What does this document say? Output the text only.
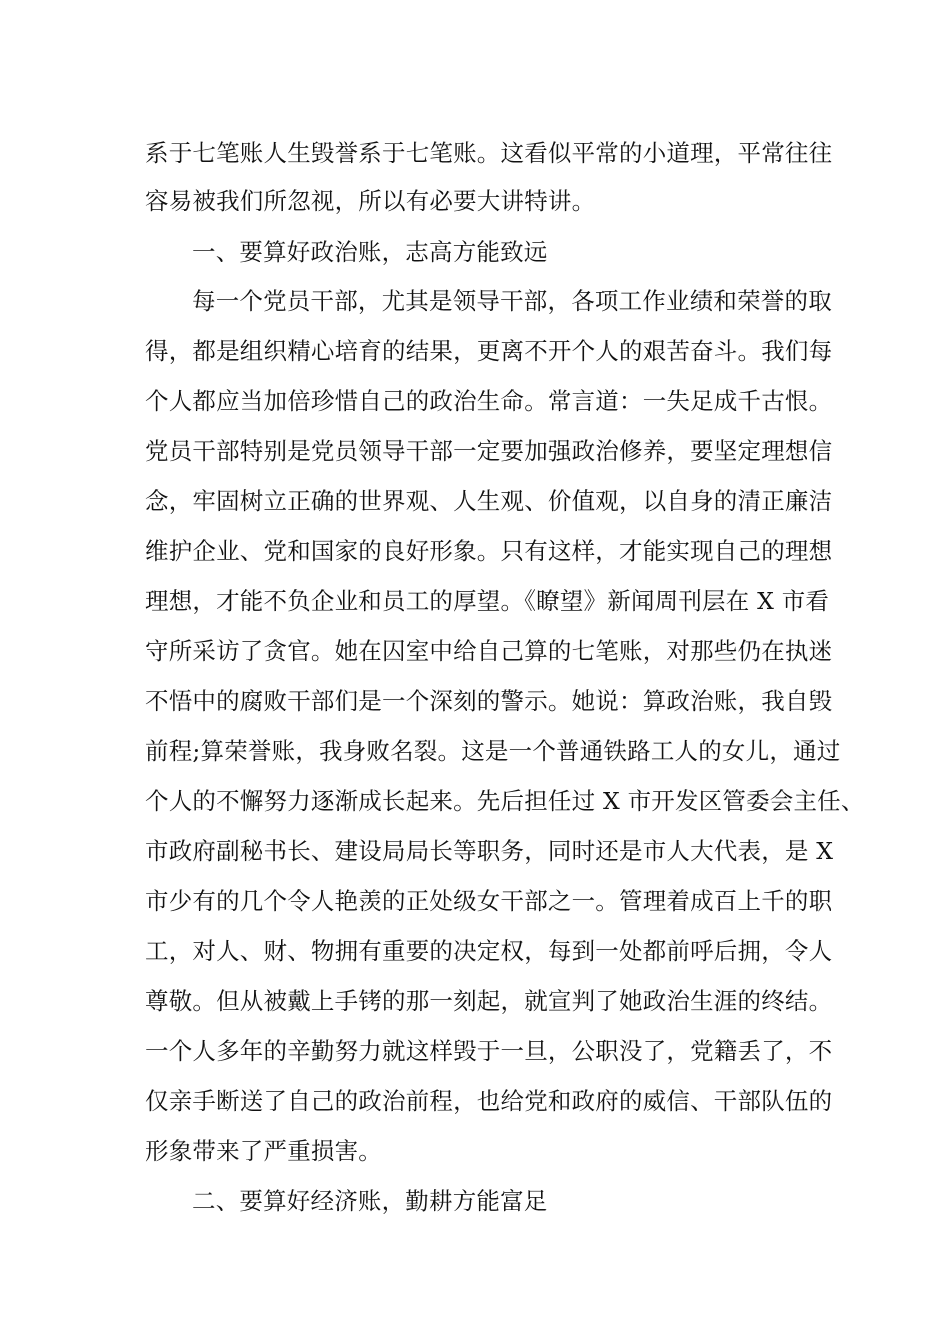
系于七笔账人生毁誉系于七笔账。这看似平常的小道理，平常往往
容易被我们所忽视，所以有必要大讲特讲。
一、要算好政治账，志高方能致远
每一个党员干部，尤其是领导干部，各项工作业绩和荣誉的取
得，都是组织精心培育的结果，更离不开个人的艰苦奋斗。我们每
个人都应当加倍珍惜自己的政治生命。常言道：一失足成千古恨。
党员干部特别是党员领导干部一定要加强政治修养，要坚定理想信
念，牢固树立正确的世界观、人生观、价值观，以自身的清正廉洁
维护企业、党和国家的良好形象。只有这样，才能实现自己的理想
理想，才能不负企业和员工的厚望。《瞭望》新闻周刊层在 X 市看
守所采访了贪官。她在囚室中给自己算的七笔账，对那些仍在执迷
不悟中的腐败干部们是一个深刻的警示。她说：算政治账，我自毁
前程;算荣誉账，我身败名裂。这是一个普通铁路工人的女儿，通过
个人的不懈努力逐渐成长起来。先后担任过 X 市开发区管委会主任、
市政府副秘书长、建设局局长等职务，同时还是市人大代表，是 X
市少有的几个令人艳羡的正处级女干部之一。管理着成百上千的职
工，对人、财、物拥有重要的决定权，每到一处都前呼后拥，令人
尊敬。但从被戴上手铐的那一刻起，就宣判了她政治生涯的终结。
一个人多年的辛勤努力就这样毁于一旦，公职没了，党籍丢了，不
仅亲手断送了自己的政治前程，也给党和政府的威信、干部队伍的
形象带来了严重损害。
二、要算好经济账，勤耕方能富足
